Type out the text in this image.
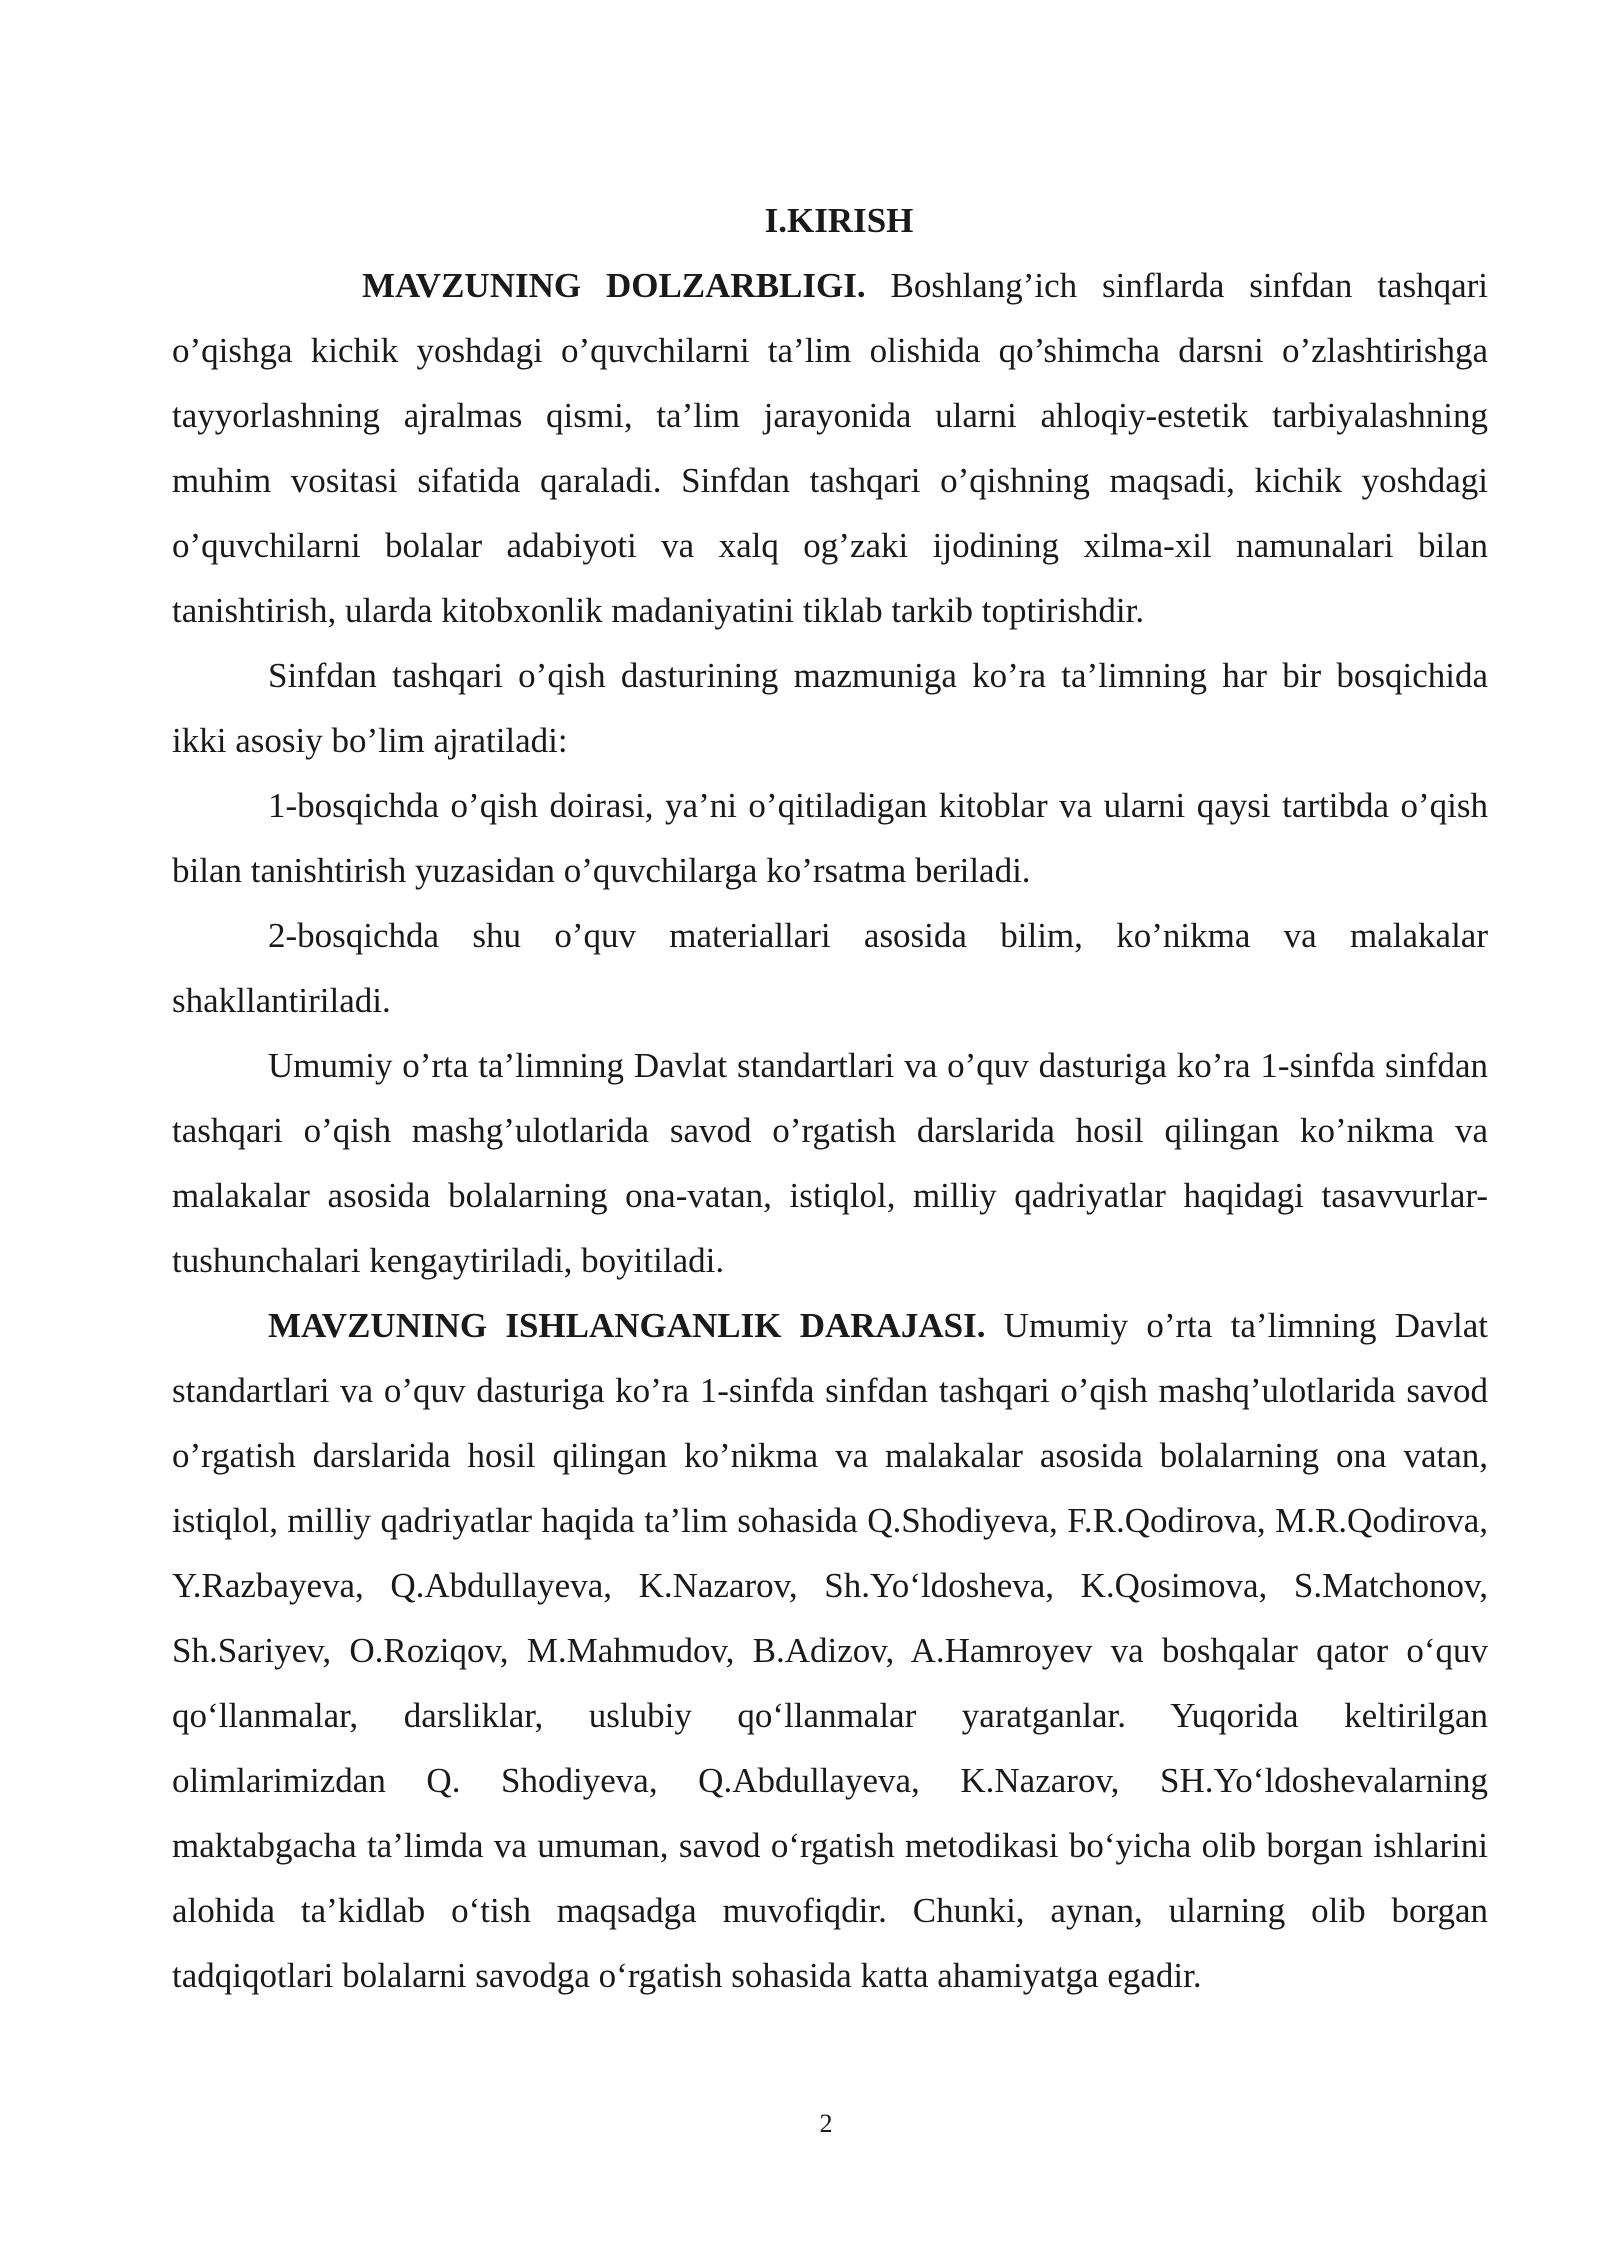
I.KIRISH

MAVZUNING DOLZARBLIGI. Boshlang’ich sinflarda sinfdan tashqari o’qishga kichik yoshdagi o’quvchilarni ta’lim olishida qo’shimcha darsni o’zlashtirishga tayyorlashning ajralmas qismi, ta’lim jarayonida ularni ahloqiy-estetik tarbiyalashning muhim vositasi sifatida qaraladi. Sinfdan tashqari o’qishning maqsadi, kichik yoshdagi o’quvchilarni bolalar adabiyoti va xalq og’zaki ijodining xilma-xil namunalari bilan tanishtirish, ularda kitobxonlik madaniyatini tiklab tarkib toptirishdir.

Sinfdan tashqari o’qish dasturining mazmuniga ko’ra ta’limning har bir bosqichida ikki asosiy bo’lim ajratiladi:

1-bosqichda o’qish doirasi, ya’ni o’qitiladigan kitoblar va ularni qaysi tartibda o’qish bilan tanishtirish yuzasidan o’quvchilarga ko’rsatma beriladi.

2-bosqichda shu o’quv materiallari asosida bilim, ko’nikma va malakalar shakllantiriladi.

Umumiy o’rta ta’limning Davlat standartlari va o’quv dasturiga ko’ra 1-sinfda sinfdan tashqari o’qish mashg’ulotlarida savod o’rgatish darslarida hosil qilingan ko’nikma va malakalar asosida bolalarning ona-vatan, istiqlol, milliy qadriyatlar haqidagi tasavvurlar-tushunchalari kengaytiriladi, boyitiladi.

MAVZUNING ISHLANGANLIK DARAJASI. Umumiy o’rta ta’limning Davlat standartlari va o’quv dasturiga ko’ra 1-sinfda sinfdan tashqari o’qish mashq’ulotlarida savod o’rgatish darslarida hosil qilingan ko’nikma va malakalar asosida bolalarning ona vatan, istiqlol, milliy qadriyatlar haqida ta’lim sohasida Q.Shodiyeva, F.R.Qodirova, M.R.Qodirova, Y.Razbayeva, Q.Abdullayeva, K.Nazarov, Sh.Yoʻldosheva, K.Qosimova, S.Matchonov, Sh.Sariyev, O.Roziqov, M.Mahmudov, B.Adizov, A.Hamroyev va boshqalar qator oʻquv qoʻllanmalar, darsliklar, uslubiy qoʻllanmalar yaratganlar. Yuqorida keltirilgan olimlarimizdan Q. Shodiyeva, Q.Abdullayeva, K.Nazarov, SH.Yoʻldoshevalarning maktabgacha ta’limda va umuman, savod oʻrgatish metodikasi boʻyicha olib borgan ishlarini alohida ta’kidlab oʻtish maqsadga muvofiqdir. Chunki, aynan, ularning olib borgan tadqiqotlari bolalarni savodga oʻrgatish sohasida katta ahamiyatga egadir.

2
